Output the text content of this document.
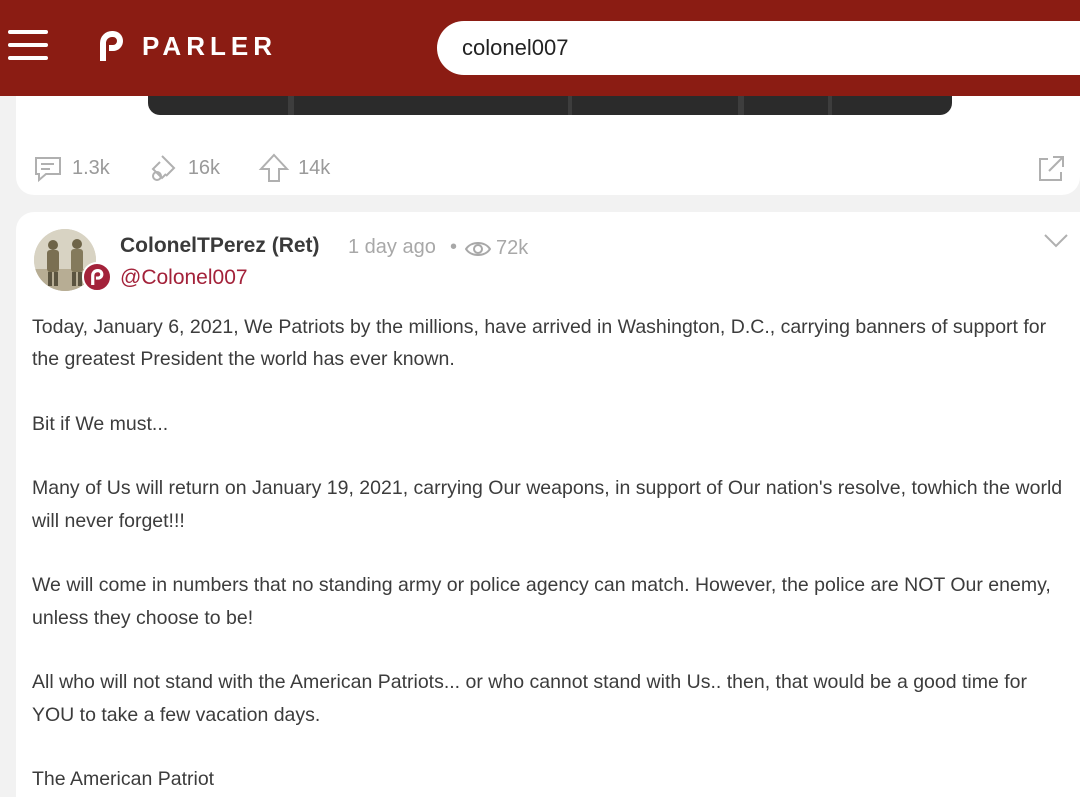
PARLER
colonel007
1.3k	16k	14k
ColonelTPerez (Ret) 1 day ago • 72k
@Colonel007

Today, January 6, 2021, We Patriots by the millions, have arrived in Washington, D.C., carrying banners of support for the greatest President the world has ever known.

Bit if We must...

Many of Us will return on January 19, 2021, carrying Our weapons, in support of Our nation's resolve, towhich the world will never forget!!!

We will come in numbers that no standing army or police agency can match. However, the police are NOT Our enemy, unless they choose to be!

All who will not stand with the American Patriots... or who cannot stand with Us.. then, that would be a good time for YOU to take a few vacation days.

The American Patriot
